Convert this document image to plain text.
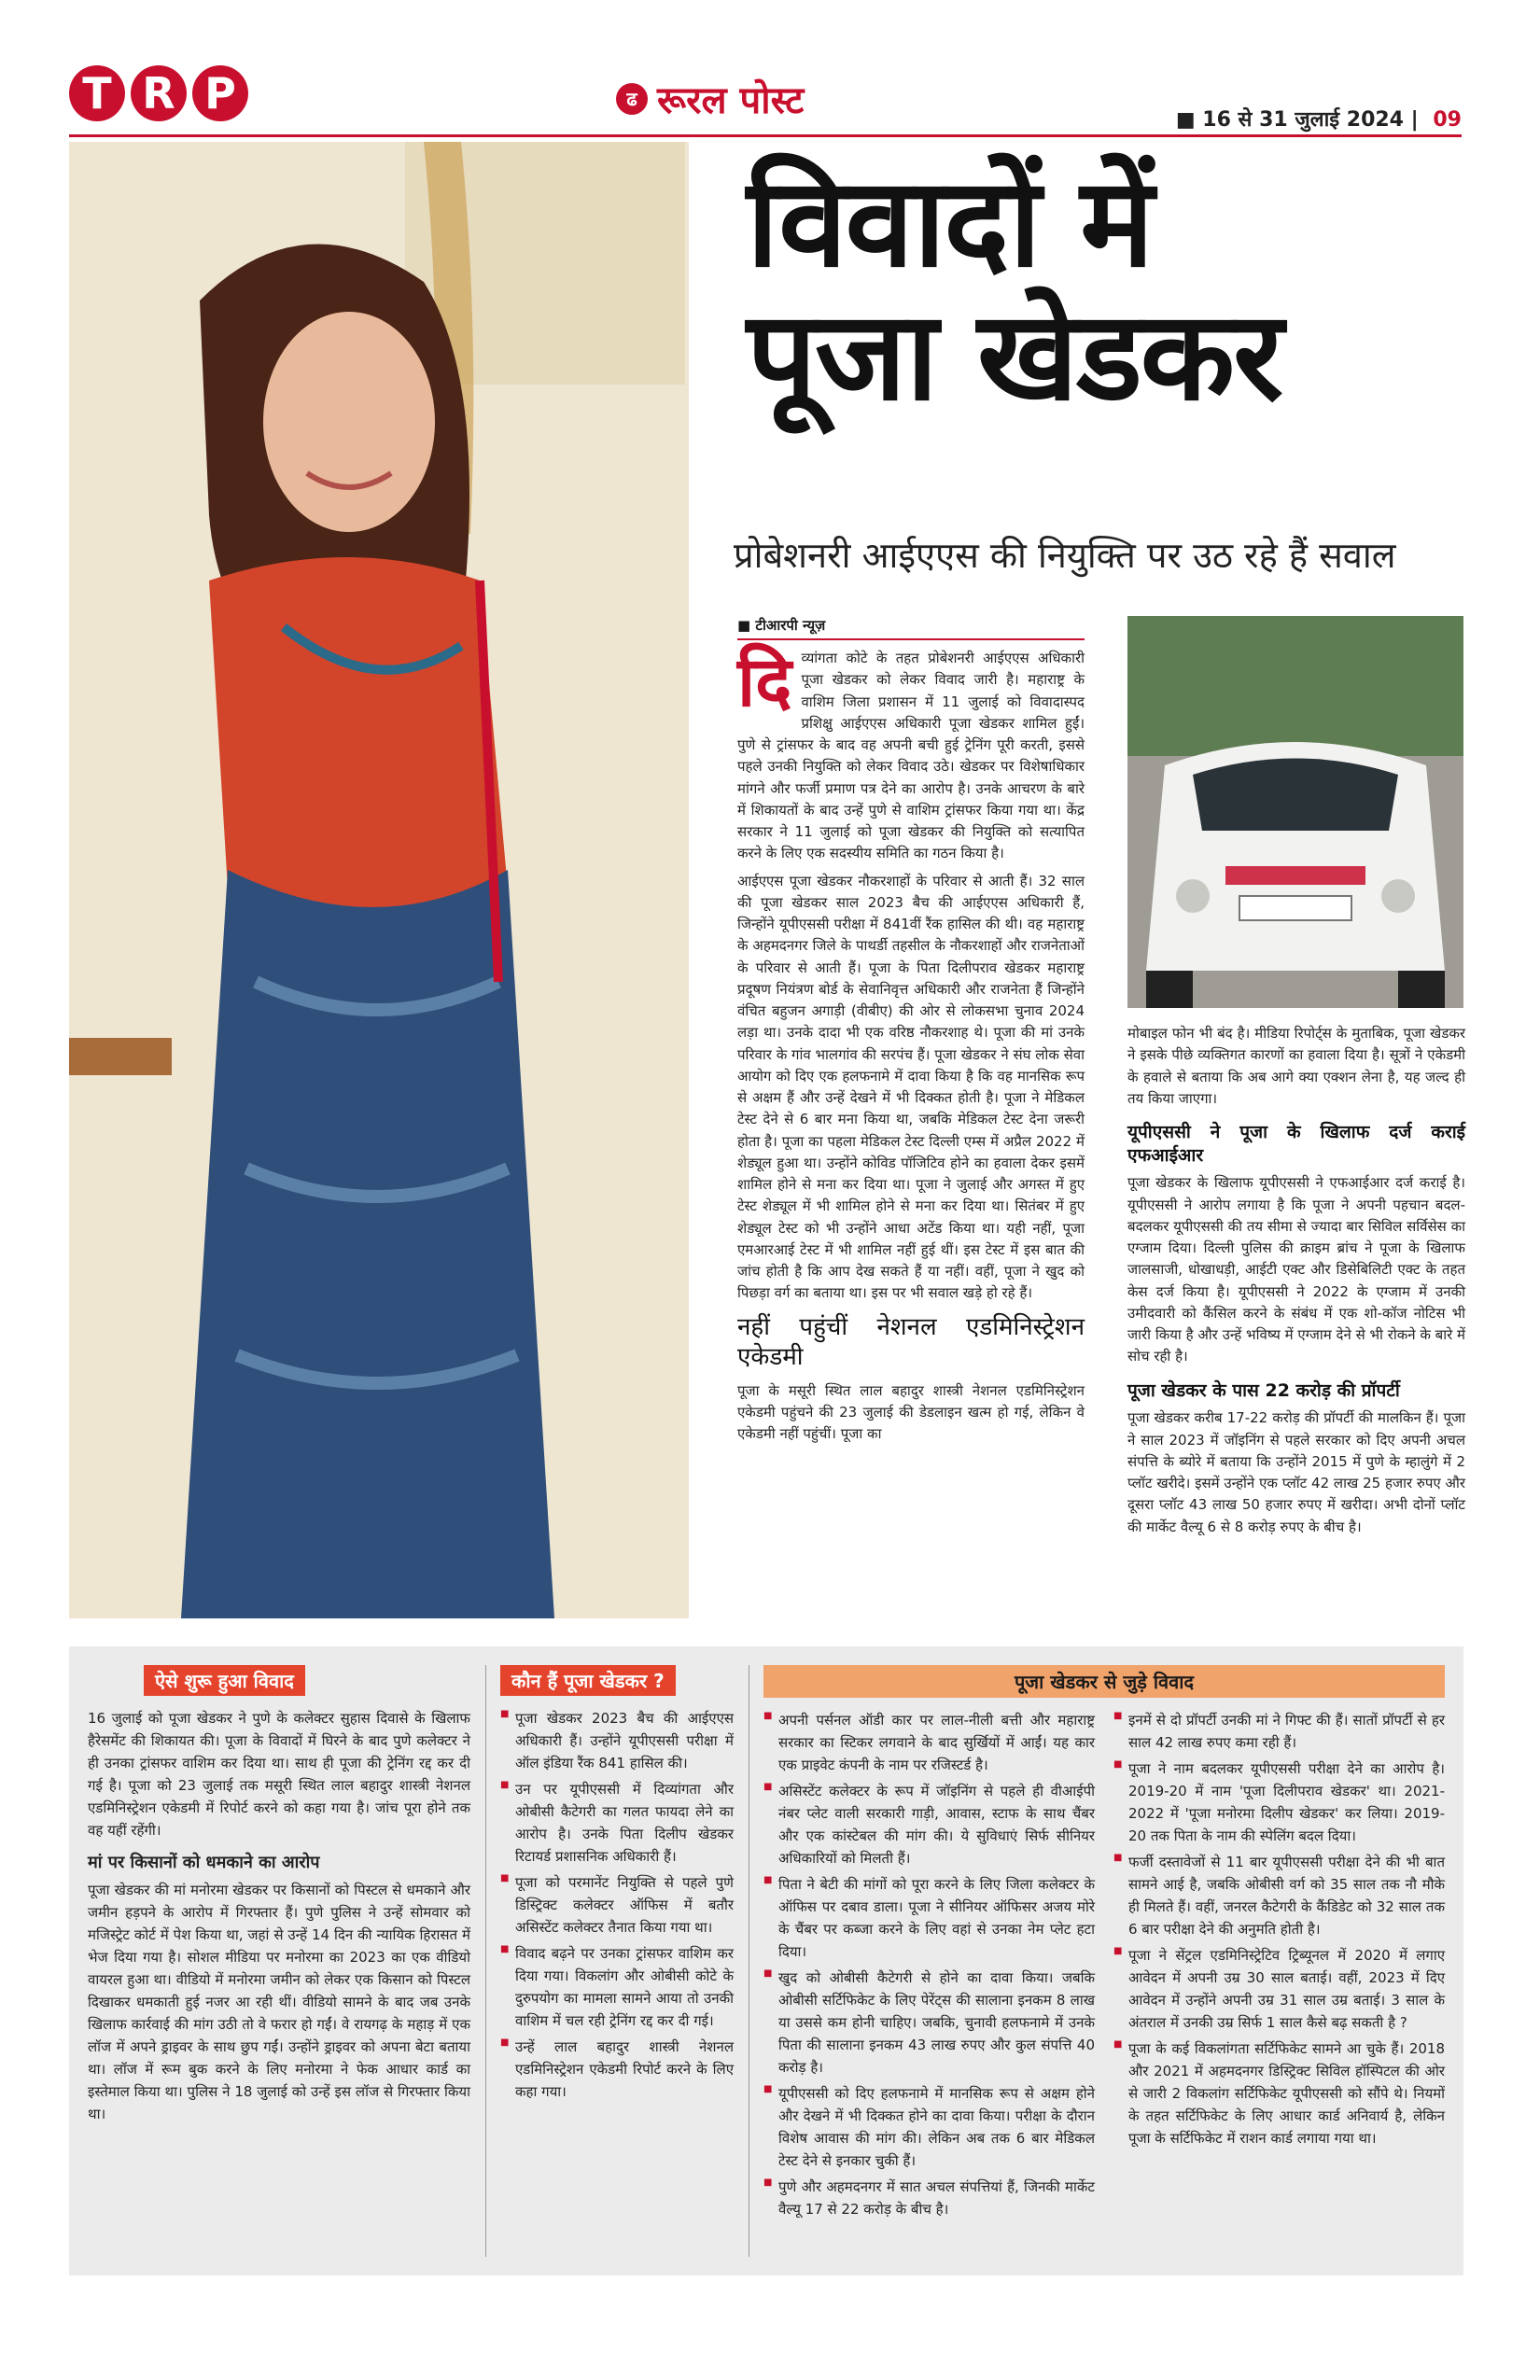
T R P	ढ रूरल पोस्ट	■ 16 से 31 जुलाई 2024 | 09
विवादों में
पूजा खेडकर
प्रोबेशनरी आईएएस की नियुक्ति पर उठ रहे हैं सवाल
■ टीआरपी न्यूज़

दि व्यांगता कोटे के तहत प्रोबेशनरी आईएएस अधिकारी पूजा खेडकर को लेकर विवाद जारी है। महाराष्ट्र के वाशिम जिला प्रशासन में 11 जुलाई को विवादास्पद प्रशिक्षु आईएएस अधिकारी पूजा खेडकर शामिल हुईं। पुणे से ट्रांसफर के बाद वह अपनी बची हुई ट्रेनिंग पूरी करती, इससे पहले उनकी नियुक्ति को लेकर विवाद उठे। खेडकर पर विशेषाधिकार मांगने और फर्जी प्रमाण पत्र देने का आरोप है। उनके आचरण के बारे में शिकायतों के बाद उन्हें पुणे से वाशिम ट्रांसफर किया गया था। केंद्र सरकार ने 11 जुलाई को पूजा खेडकर की नियुक्ति को सत्यापित करने के लिए एक सदस्यीय समिति का गठन किया है।

आईएएस पूजा खेडकर नौकरशाहों के परिवार से आती हैं। 32 साल की पूजा खेडकर साल 2023 बैच की आईएएस अधिकारी हैं, जिन्होंने यूपीएससी परीक्षा में 841वीं रैंक हासिल की थी। वह महाराष्ट्र के अहमदनगर जिले के पाथर्डी तहसील के नौकरशाहों और राजनेताओं के परिवार से आती हैं। पूजा के पिता दिलीपराव खेडकर महाराष्ट्र प्रदूषण नियंत्रण बोर्ड के सेवानिवृत्त अधिकारी और राजनेता हैं जिन्होंने वंचित बहुजन अगाड़ी (वीबीए) की ओर से लोकसभा चुनाव 2024 लड़ा था। उनके दादा भी एक वरिष्ठ नौकरशाह थे। पूजा की मां उनके परिवार के गांव भालगांव की सरपंच हैं। पूजा खेडकर ने संघ लोक सेवा आयोग को दिए एक हलफनामे में दावा किया है कि वह मानसिक रूप से अक्षम हैं और उन्हें देखने में भी दिक्कत होती है। पूजा ने मेडिकल टेस्ट देने से 6 बार मना किया था, जबकि मेडिकल टेस्ट देना जरूरी होता है। पूजा का पहला मेडिकल टेस्ट दिल्ली एम्स में अप्रैल 2022 में शेड्यूल हुआ था। उन्होंने कोविड पॉजिटिव होने का हवाला देकर इसमें शामिल होने से मना कर दिया था। पूजा ने जुलाई और अगस्त में हुए टेस्ट शेड्यूल में भी शामिल होने से मना कर दिया था। सितंबर में हुए शेड्यूल टेस्ट को भी उन्होंने आधा अटेंड किया था। यही नहीं, पूजा एमआरआई टेस्ट में भी शामिल नहीं हुई थीं। इस टेस्ट में इस बात की जांच होती है कि आप देख सकते हैं या नहीं। वहीं, पूजा ने खुद को पिछड़ा वर्ग का बताया था। इस पर भी सवाल खड़े हो रहे हैं।

नहीं पहुंचीं नेशनल एडमिनिस्ट्रेशन एकेडमी

पूजा के मसूरी स्थित लाल बहादुर शास्त्री नेशनल एडमिनिस्ट्रेशन एकेडमी पहुंचने की 23 जुलाई की डेडलाइन खत्म हो गई, लेकिन वे एकेडमी नहीं पहुंचीं। पूजा का

मोबाइल फोन भी बंद है। मीडिया रिपोर्ट्स के मुताबिक, पूजा खेडकर ने इसके पीछे व्यक्तिगत कारणों का हवाला दिया है। सूत्रों ने एकेडमी के हवाले से बताया कि अब आगे क्या एक्शन लेना है, यह जल्द ही तय किया जाएगा।

यूपीएससी ने पूजा के खिलाफ दर्ज कराई एफआईआर

पूजा खेडकर के खिलाफ यूपीएससी ने एफआईआर दर्ज कराई है। यूपीएससी ने आरोप लगाया है कि पूजा ने अपनी पहचान बदल-बदलकर यूपीएससी की तय सीमा से ज्यादा बार सिविल सर्विसेस का एग्जाम दिया। दिल्ली पुलिस की क्राइम ब्रांच ने पूजा के खिलाफ जालसाजी, धोखाधड़ी, आईटी एक्ट और डिसेबिलिटी एक्ट के तहत केस दर्ज किया है। यूपीएससी ने 2022 के एग्जाम में उनकी उमीदवारी को कैंसिल करने के संबंध में एक शो-कॉज नोटिस भी जारी किया है और उन्हें भविष्य में एग्जाम देने से भी रोकने के बारे में सोच रही है।

पूजा खेडकर के पास 22 करोड़ की प्रॉपर्टी

पूजा खेडकर करीब 17-22 करोड़ की प्रॉपर्टी की मालकिन हैं। पूजा ने साल 2023 में जॉइनिंग से पहले सरकार को दिए अपनी अचल संपत्ति के ब्योरे में बताया कि उन्होंने 2015 में पुणे के म्हालुंगे में 2 प्लॉट खरीदे। इसमें उन्होंने एक प्लॉट 42 लाख 25 हजार रुपए और दूसरा प्लॉट 43 लाख 50 हजार रुपए में खरीदा। अभी दोनों प्लॉट की मार्केट वैल्यू 6 से 8 करोड़ रुपए के बीच है।

ऐसे शुरू हुआ विवाद

16 जुलाई को पूजा खेडकर ने पुणे के कलेक्टर सुहास दिवासे के खिलाफ हैरेसमेंट की शिकायत की। पूजा के विवादों में घिरने के बाद पुणे कलेक्टर ने ही उनका ट्रांसफर वाशिम कर दिया था। साथ ही पूजा की ट्रेनिंग रद्द कर दी गई है। पूजा को 23 जुलाई तक मसूरी स्थित लाल बहादुर शास्त्री नेशनल एडमिनिस्ट्रेशन एकेडमी में रिपोर्ट करने को कहा गया है। जांच पूरा होने तक वह यहीं रहेंगी।

मां पर किसानों को धमकाने का आरोप

पूजा खेडकर की मां मनोरमा खेडकर पर किसानों को पिस्टल से धमकाने और जमीन हड़पने के आरोप में गिरफ्तार हैं। पुणे पुलिस ने उन्हें सोमवार को मजिस्ट्रेट कोर्ट में पेश किया था, जहां से उन्हें 14 दिन की न्यायिक हिरासत में भेज दिया गया है। सोशल मीडिया पर मनोरमा का 2023 का एक वीडियो वायरल हुआ था। वीडियो में मनोरमा जमीन को लेकर एक किसान को पिस्टल दिखाकर धमकाती हुई नजर आ रही थीं। वीडियो सामने के बाद जब उनके खिलाफ कार्रवाई की मांग उठी तो वे फरार हो गईं। वे रायगढ़ के महाड़ में एक लॉज में अपने ड्राइवर के साथ छुप गईं। उन्होंने ड्राइवर को अपना बेटा बताया था। लॉज में रूम बुक करने के लिए मनोरमा ने फेक आधार कार्ड का इस्तेमाल किया था। पुलिस ने 18 जुलाई को उन्हें इस लॉज से गिरफ्तार किया था।

कौन हैं पूजा खेडकर ?
■ पूजा खेडकर 2023 बैच की आईएएस अधिकारी हैं। उन्होंने यूपीएससी परीक्षा में ऑल इंडिया रैंक 841 हासिल की।
■ उन पर यूपीएससी में दिव्यांगता और ओबीसी कैटेगरी का गलत फायदा लेने का आरोप है। उनके पिता दिलीप खेडकर रिटायर्ड प्रशासनिक अधिकारी हैं।
■ पूजा को परमानेंट नियुक्ति से पहले पुणे डिस्ट्रिक्ट कलेक्टर ऑफिस में बतौर असिस्टेंट कलेक्टर तैनात किया गया था।
■ विवाद बढ़ने पर उनका ट्रांसफर वाशिम कर दिया गया। विकलांग और ओबीसी कोटे के दुरुपयोग का मामला सामने आया तो उनकी वाशिम में चल रही ट्रेनिंग रद्द कर दी गई।
■ उन्हें लाल बहादुर शास्त्री नेशनल एडमिनिस्ट्रेशन एकेडमी रिपोर्ट करने के लिए कहा गया।
पूजा खेडकर से जुड़े विवाद
■ अपनी पर्सनल ऑडी कार पर लाल-नीली बत्ती और महाराष्ट्र सरकार का स्टिकर लगवाने के बाद सुर्खियों में आईं। यह कार एक प्राइवेट कंपनी के नाम पर रजिस्टर्ड है।
■ असिस्टेंट कलेक्टर के रूप में जॉइनिंग से पहले ही वीआईपी नंबर प्लेट वाली सरकारी गाड़ी, आवास, स्टाफ के साथ चैंबर और एक कांस्टेबल की मांग की। ये सुविधाएं सिर्फ सीनियर अधिकारियों को मिलती हैं।
■ पिता ने बेटी की मांगों को पूरा करने के लिए जिला कलेक्टर के ऑफिस पर दबाव डाला। पूजा ने सीनियर ऑफिसर अजय मोरे के चैंबर पर कब्जा करने के लिए वहां से उनका नेम प्लेट हटा दिया।
■ खुद को ओबीसी कैटेगरी से होने का दावा किया। जबकि ओबीसी सर्टिफिकेट के लिए पेरेंट्स की सालाना इनकम 8 लाख या उससे कम होनी चाहिए। जबकि, चुनावी हलफनामे में उनके पिता की सालाना इनकम 43 लाख रुपए और कुल संपत्ति 40 करोड़ है।
■ यूपीएससी को दिए हलफनामे में मानसिक रूप से अक्षम होने और देखने में भी दिक्कत होने का दावा किया। परीक्षा के दौरान विशेष आवास की मांग की। लेकिन अब तक 6 बार मेडिकल टेस्ट देने से इनकार चुकी हैं।
■ पुणे और अहमदनगर में सात अचल संपत्तियां हैं, जिनकी मार्केट वैल्यू 17 से 22 करोड़ के बीच है।
■ इनमें से दो प्रॉपर्टी उनकी मां ने गिफ्ट की हैं। सातों प्रॉपर्टी से हर साल 42 लाख रुपए कमा रही हैं।
■ पूजा ने नाम बदलकर यूपीएससी परीक्षा देने का आरोप है। 2019-20 में नाम 'पूजा दिलीपराव खेडकर' था। 2021- 2022 में 'पूजा मनोरमा दिलीप खेडकर' कर लिया। 2019-20 तक पिता के नाम की स्पेलिंग बदल दिया।
■ फर्जी दस्तावेजों से 11 बार यूपीएससी परीक्षा देने की भी बात सामने आई है, जबकि ओबीसी वर्ग को 35 साल तक नौ मौके ही मिलते हैं। वहीं, जनरल कैटेगरी के कैंडिडेट को 32 साल तक 6 बार परीक्षा देने की अनुमति होती है।
■ पूजा ने सेंट्रल एडमिनिस्ट्रेटिव ट्रिब्यूनल में 2020 में लगाए आवेदन में अपनी उम्र 30 साल बताई। वहीं, 2023 में दिए आवेदन में उन्होंने अपनी उम्र 31 साल उम्र बताई। 3 साल के अंतराल में उनकी उम्र सिर्फ 1 साल कैसे बढ़ सकती है ?
■ पूजा के कई विकलांगता सर्टिफिकेट सामने आ चुके हैं। 2018 और 2021 में अहमदनगर डिस्ट्रिक्ट सिविल हॉस्पिटल की ओर से जारी 2 विकलांग सर्टिफिकेट यूपीएससी को सौंपे थे। नियमों के तहत सर्टिफिकेट के लिए आधार कार्ड अनिवार्य है, लेकिन पूजा के सर्टिफिकेट में राशन कार्ड लगाया गया था।
